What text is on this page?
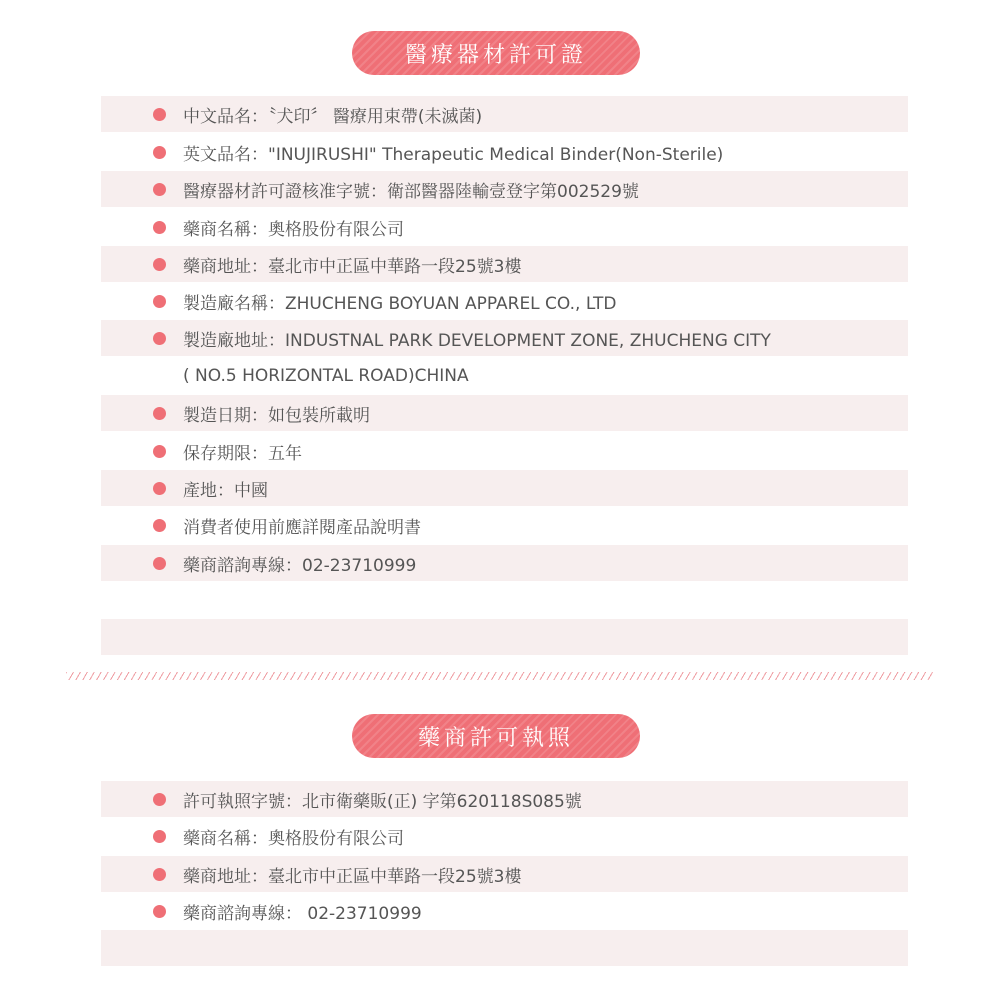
醫療器材許可證
中文品名：〝犬印〞 醫療用束帶(未滅菌)
英文品名："INUJIRUSHI" Therapeutic Medical Binder(Non-Sterile)
醫療器材許可證核准字號：衛部醫器陸輸壹登字第002529號
藥商名稱：奧格股份有限公司
藥商地址：臺北市中正區中華路一段25號3樓
製造廠名稱：ZHUCHENG BOYUAN APPAREL CO., LTD
製造廠地址：INDUSTNAL PARK DEVELOPMENT ZONE, ZHUCHENG CITY
( NO.5 HORIZONTAL ROAD)CHINA
製造日期：如包裝所載明
保存期限：五年
產地：中國
消費者使用前應詳閱產品說明書
藥商諮詢專線：02-23710999
藥商許可執照
許可執照字號：北市衛藥販(正) 字第620118S085號
藥商名稱：奧格股份有限公司
藥商地址：臺北市中正區中華路一段25號3樓
藥商諮詢專線： 02-23710999
